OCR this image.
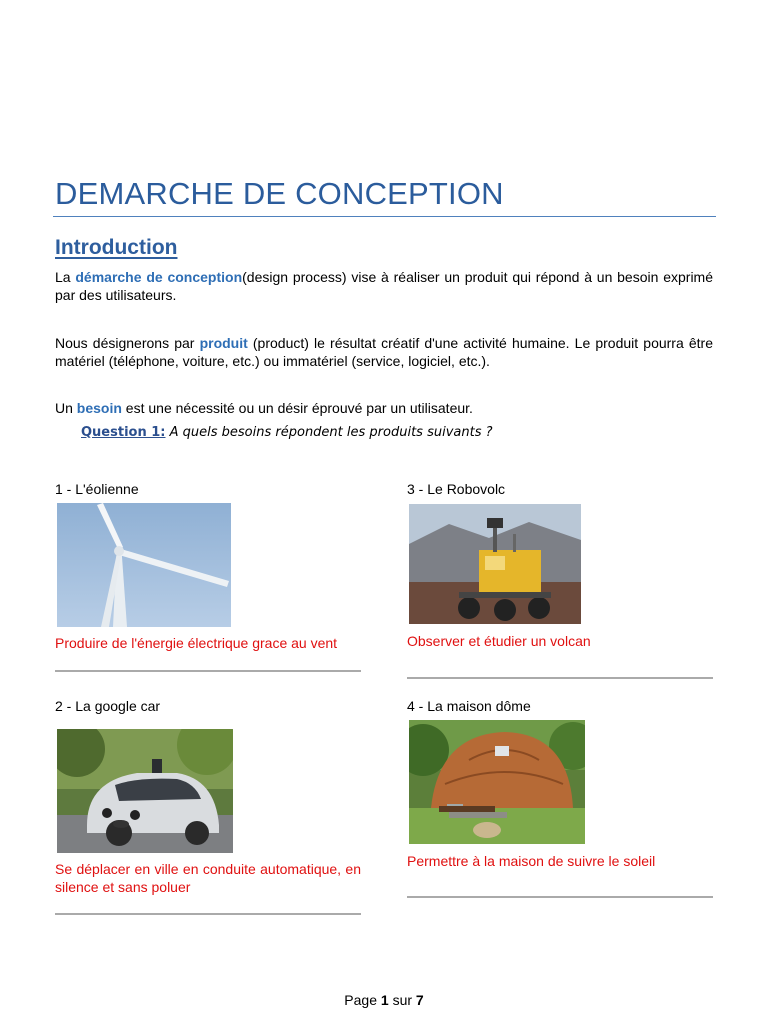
DEMARCHE DE CONCEPTION
Introduction
La démarche de conception(design process) vise à réaliser un produit qui répond à un besoin exprimé par des utilisateurs.
Nous désignerons par produit (product) le résultat créatif d'une activité humaine. Le produit pourra être matériel (téléphone, voiture, etc.) ou immatériel (service, logiciel, etc.).
Un besoin est une nécessité ou un désir éprouvé par un utilisateur.
Question 1: A quels besoins répondent les produits suivants ?
1 - L'éolienne
Produire de l'énergie électrique grace au vent
2 - La google car
Se déplacer en ville en conduite automatique, en silence et sans poluer
3 - Le Robovolc
Observer et étudier un volcan
4 - La maison dôme
Permettre à la maison de suivre le soleil
Page 1 sur 7
